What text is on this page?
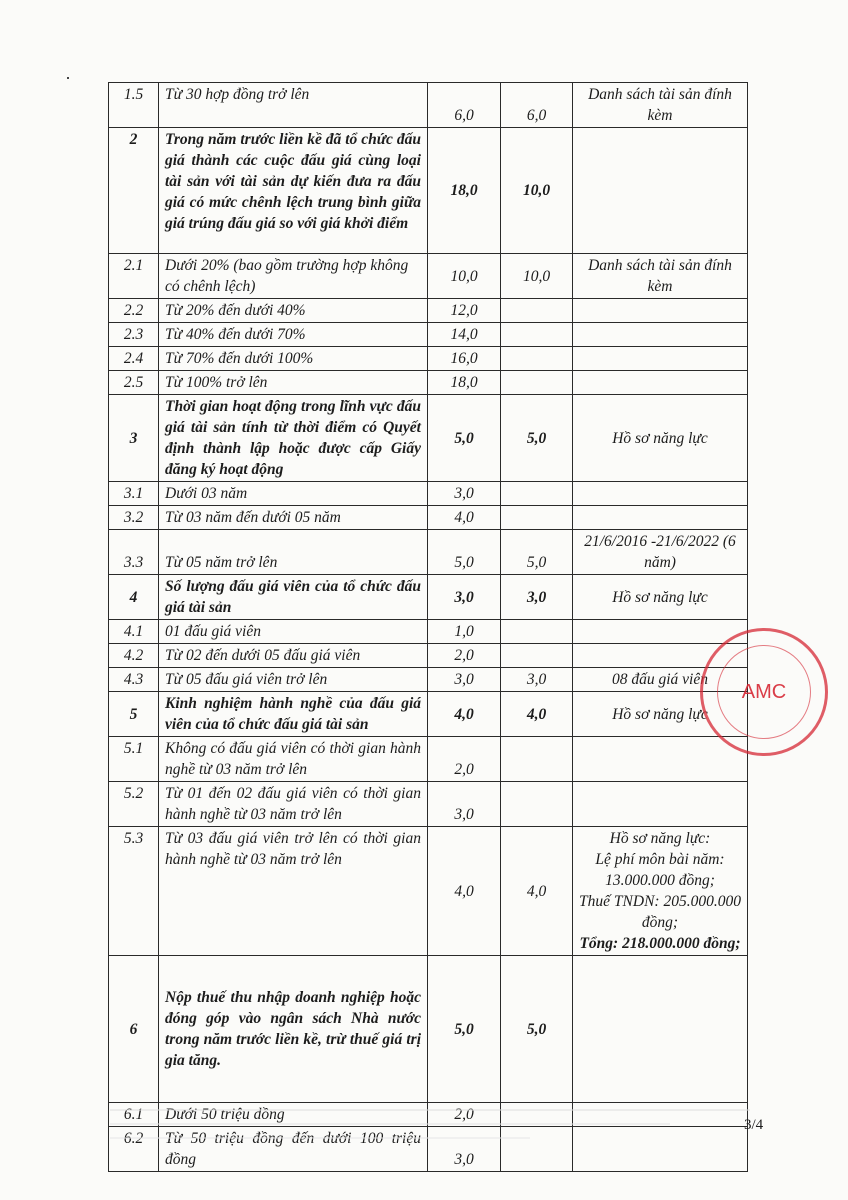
1.5	Từ 30 hợp đồng trở lên	6,0	6,0	Danh sách tài sản đính kèm
2	Trong năm trước liền kề đã tổ chức đấu giá thành các cuộc đấu giá cùng loại tài sản với tài sản dự kiến đưa ra đấu giá có mức chênh lệch trung bình giữa giá trúng đấu giá so với giá khởi điểm	18,0	10,0	
2.1	Dưới 20% (bao gồm trường hợp không có chênh lệch)	10,0	10,0	Danh sách tài sản đính kèm
2.2	Từ 20% đến dưới 40%	12,0		
2.3	Từ 40% đến dưới 70%	14,0		
2.4	Từ 70% đến dưới 100%	16,0		
2.5	Từ 100% trở lên	18,0		
3	Thời gian hoạt động trong lĩnh vực đấu giá tài sản tính từ thời điểm có Quyết định thành lập hoặc được cấp Giấy đăng ký hoạt động	5,0	5,0	Hồ sơ năng lực
3.1	Dưới 03 năm	3,0		
3.2	Từ 03 năm đến dưới 05 năm	4,0		
3.3	Từ 05 năm trở lên	5,0	5,0	21/6/2016 -21/6/2022 (6 năm)
4	Số lượng đấu giá viên của tổ chức đấu giá tài sản	3,0	3,0	Hồ sơ năng lực
4.1	01 đấu giá viên	1,0		
4.2	Từ 02 đến dưới 05 đấu giá viên	2,0		
4.3	Từ 05 đấu giá viên trở lên	3,0	3,0	08 đấu giá viên
5	Kinh nghiệm hành nghề của đấu giá viên của tổ chức đấu giá tài sản	4,0	4,0	Hồ sơ năng lực
5.1	Không có đấu giá viên có thời gian hành nghề từ 03 năm trở lên	2,0		
5.2	Từ 01 đến 02 đấu giá viên có thời gian hành nghề từ 03 năm trở lên	3,0		
5.3	Từ 03 đấu giá viên trở lên có thời gian hành nghề từ 03 năm trở lên	4,0	4,0	Hồ sơ năng lực:
Lệ phí môn bài năm: 13.000.000 đồng;
Thuế TNDN: 205.000.000 đồng;
Tổng: 218.000.000 đồng;

6	Nộp thuế thu nhập doanh nghiệp hoặc đóng góp vào ngân sách Nhà nước trong năm trước liền kề, trừ thuế giá trị gia tăng.	5,0	5,0	
6.1	Dưới 50 triệu đồng	2,0		
6.2	Từ 50 triệu đồng đến dưới 100 triệu đồng	3,0		
AMC
3/4
